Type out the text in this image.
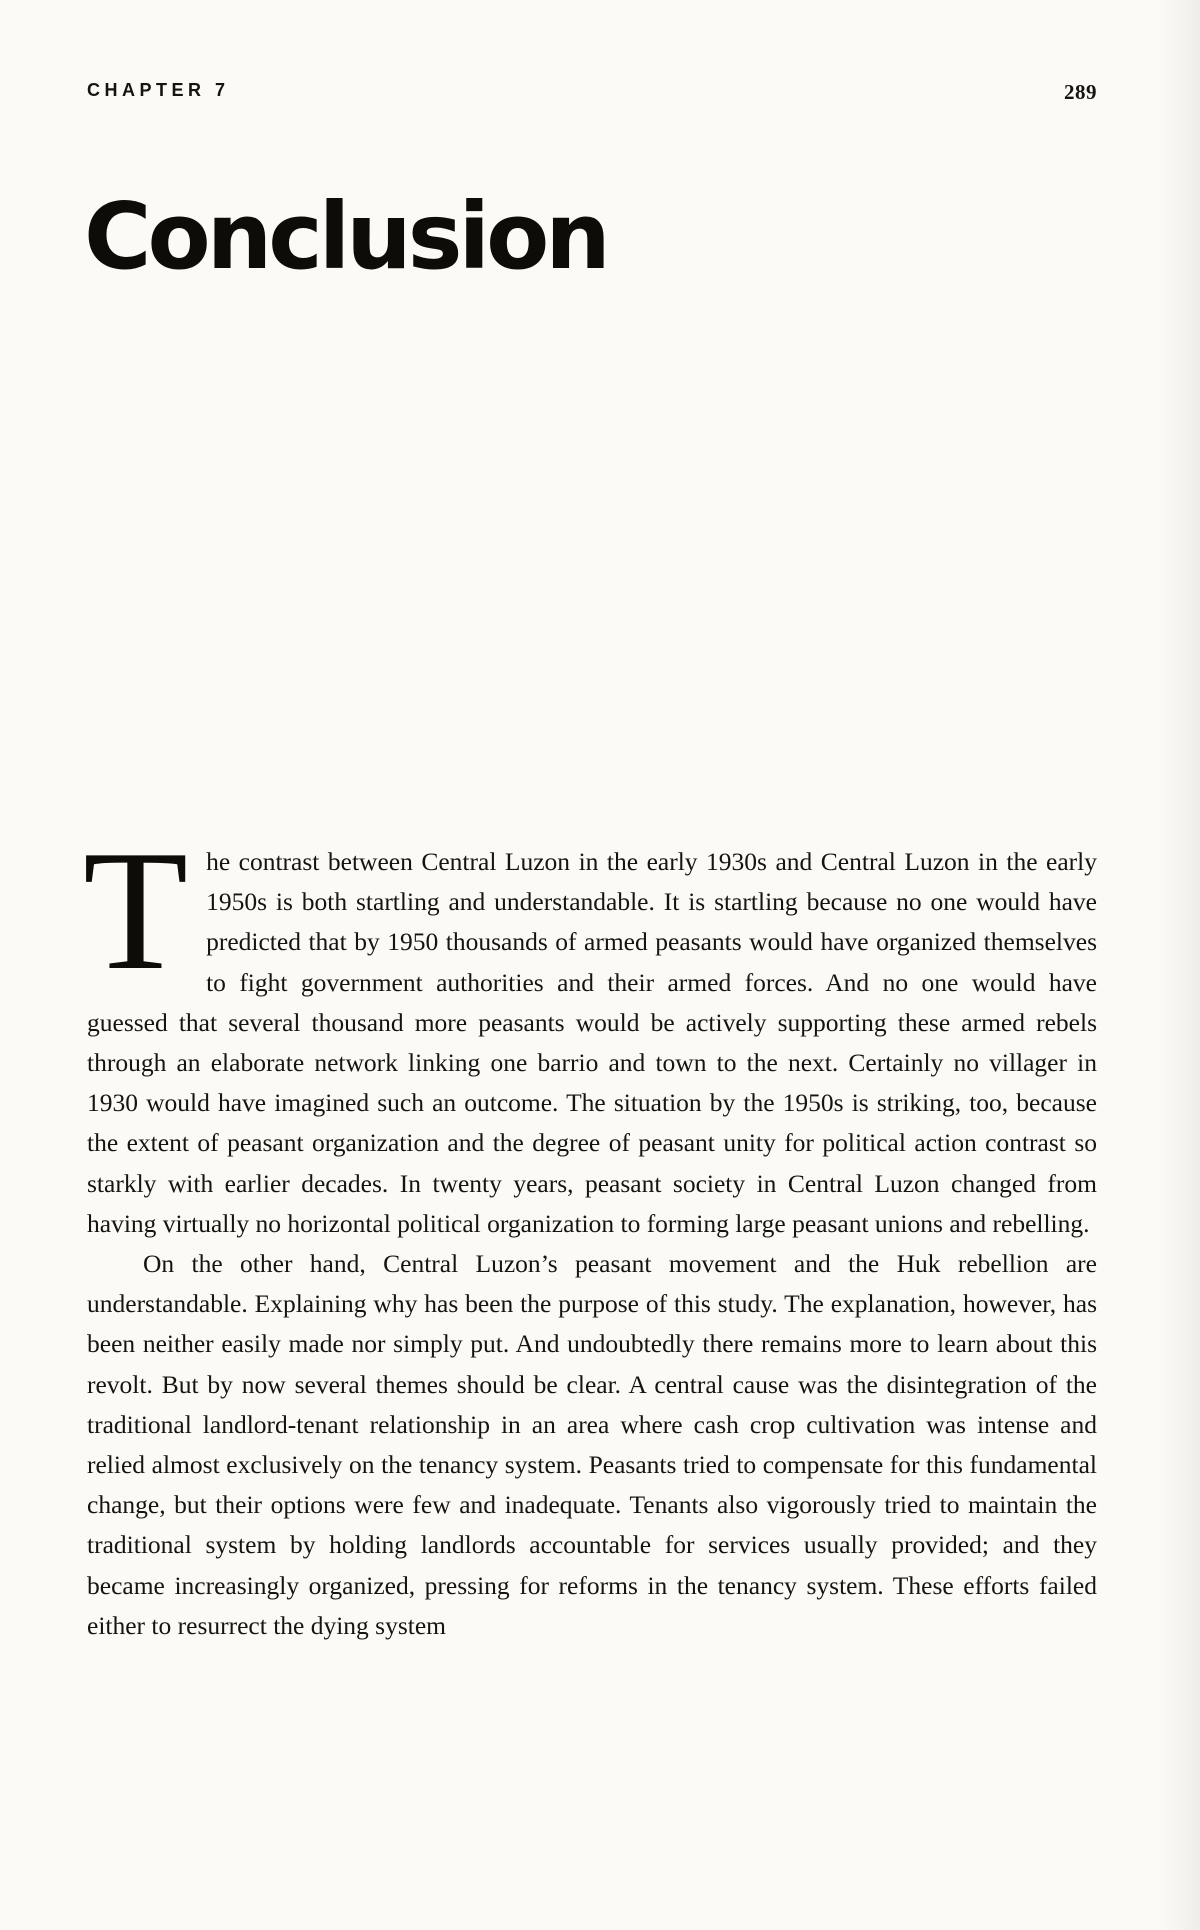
CHAPTER 7	289
Conclusion

The contrast between Central Luzon in the early 1930s and Central Luzon in the early 1950s is both startling and understandable. It is startling because no one would have predicted that by 1950 thousands of armed peasants would have organized themselves to fight government authorities and their armed forces. And no one would have guessed that several thousand more peasants would be actively supporting these armed rebels through an elaborate network linking one barrio and town to the next. Certainly no villager in 1930 would have imagined such an outcome. The situation by the 1950s is striking, too, because the extent of peasant organization and the degree of peasant unity for political action contrast so starkly with earlier decades. In twenty years, peasant society in Central Luzon changed from having virtually no horizontal political organization to forming large peasant unions and rebelling.

On the other hand, Central Luzon’s peasant movement and the Huk rebellion are understandable. Explaining why has been the purpose of this study. The explanation, however, has been neither easily made nor simply put. And undoubtedly there remains more to learn about this revolt. But by now several themes should be clear. A central cause was the disintegration of the traditional landlord-tenant relationship in an area where cash crop cultivation was intense and relied almost exclusively on the tenancy system. Peasants tried to compensate for this fundamental change, but their options were few and inadequate. Tenants also vigorously tried to maintain the traditional system by holding landlords accountable for services usually provided; and they became increasingly organized, pressing for reforms in the tenancy system. These efforts failed either to resurrect the dying system
